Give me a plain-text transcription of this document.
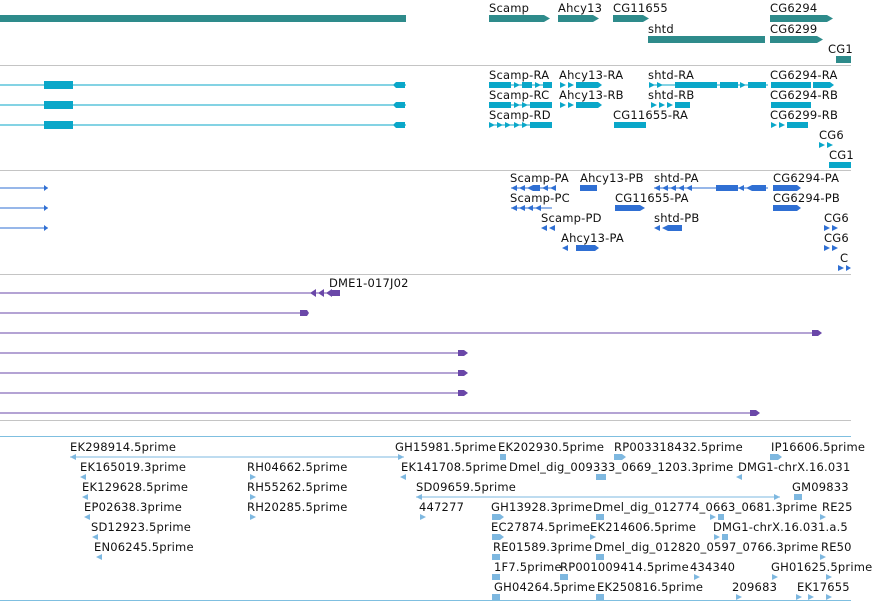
Scamp	Ahcy13 CG11655	CG6294
shtd	CG6299
CG1
Scamp-RA Ahcy13-RA shtd-RA	CG6294-RA
Scamp-RC Ahcy13-RB shtd-RB	CG6294-RB
Scamp-RD	CG11655-RA	CG6299-RB
CG6
CG1
Scamp-PA Ahcy13-PB shtd-PA	CG6294-PA
Scamp-PC	CG11655-PA	CG6294-PB
Scamp-PD	shtd-PB	CG6
Ahcy13-PA	CG6
C
DME1-017J02
EK298914.5prime	GH15981.5prime EK202930.5prime RP003318432.5prime IP16606.5prime
EK165019.3prime	RH04662.5prime	EK141708.5prime Dmel_dig_009333_0669_1203.3prime DMG1-chrX.16.031
EK129628.5prime	RH55262.5prime	SD09659.5prime	GM09833
EP02638.3prime	RH20285.5prime	447277 GH13928.3prime Dmel_dig_012774_0663_0681.3prime RE25
SD12923.5prime	EC27874.5prime EK214606.5prime DMG1-chrX.16.031.a.5
EN06245.5prime	RE01589.3prime Dmel_dig_012820_0597_0766.3prime RE50
1F7.5prime
RP001009414.5prime 434340	GH01625.5prime
GH04264.5prime EK250816.5prime	209683 EK17655
